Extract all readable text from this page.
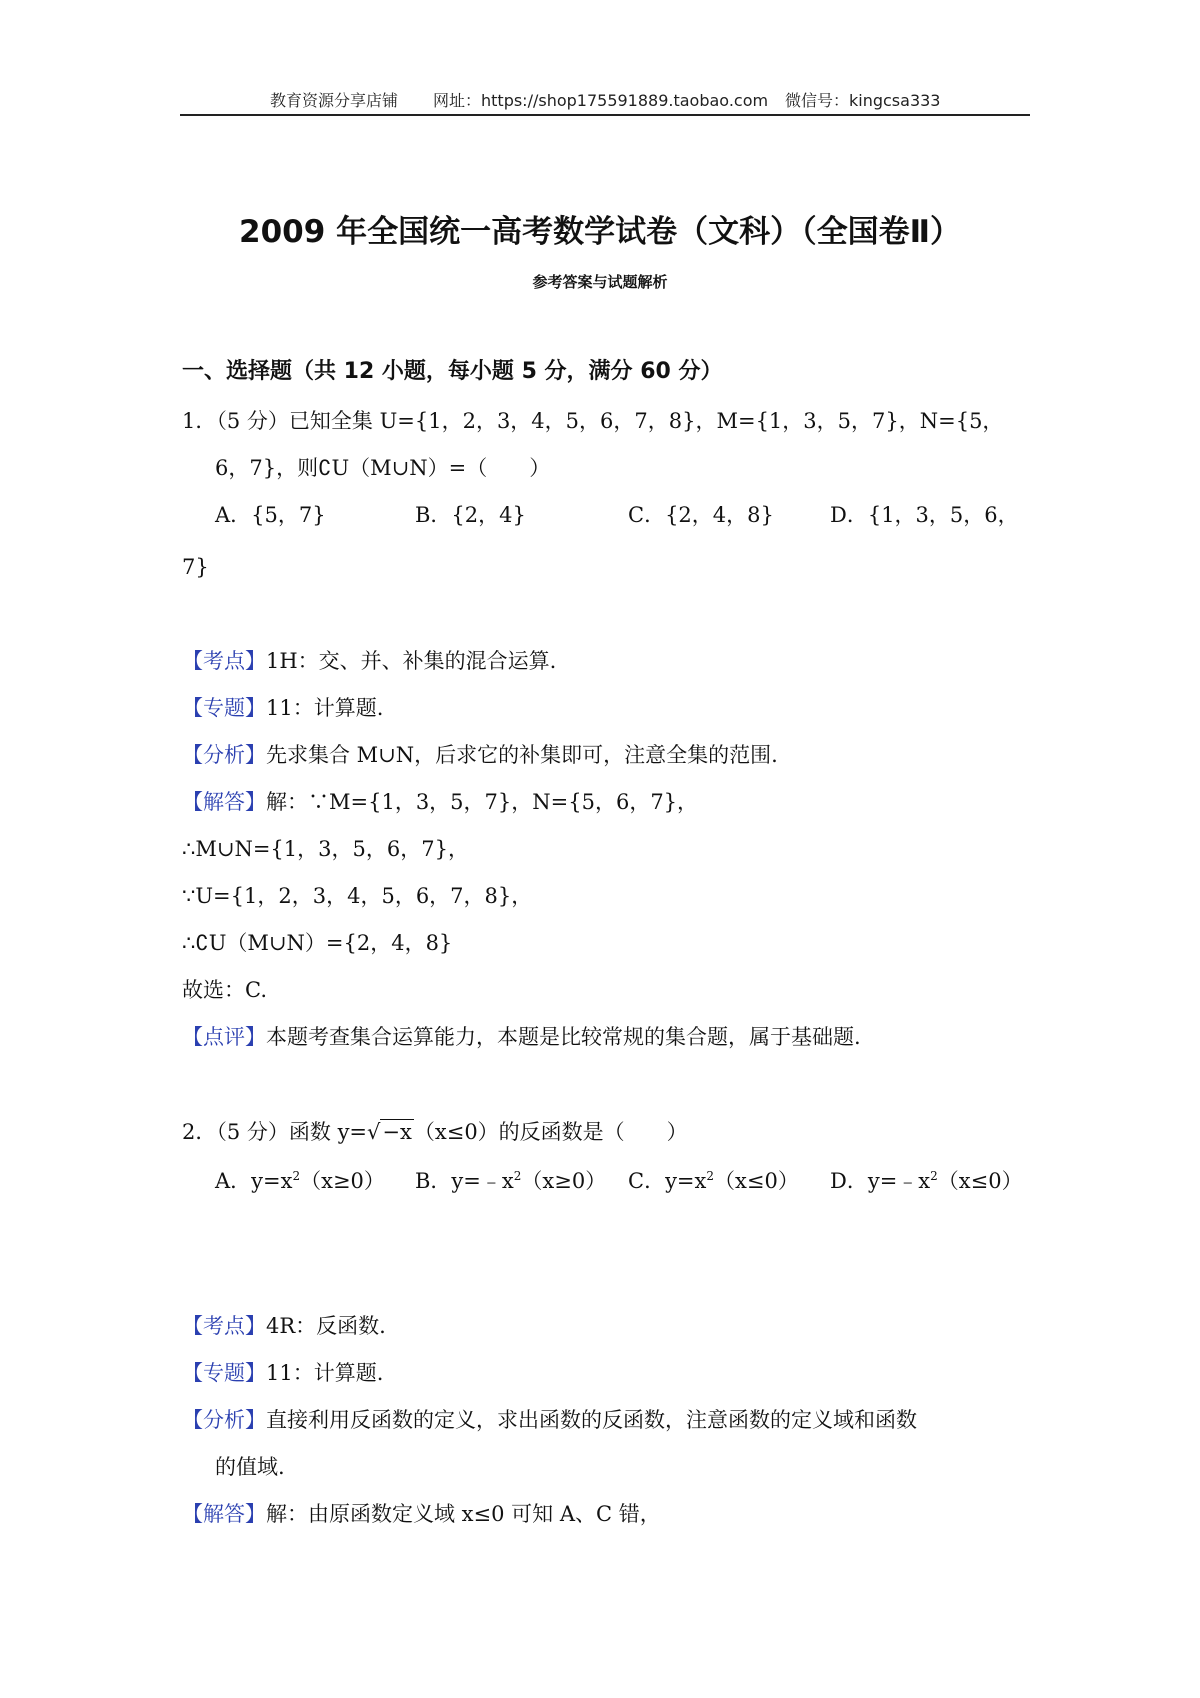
教育资源分享店铺 网址：https://shop175591889.taobao.com 微信号：kingcsa333
2009 年全国统一高考数学试卷（文科）（全国卷Ⅱ）
参考答案与试题解析
一、选择题（共 12 小题，每小题 5 分，满分 60 分）
1．（5 分）已知全集 U={1，2，3，4，5，6，7，8}，M={1，3，5，7}，N={5，
6，7}，则∁U（M∪N）=（　　）
A．{5，7}	B．{2，4}	C．{2，4，8}	D．{1，3，5，6，
7}
【考点】1H：交、并、补集的混合运算.
【专题】11：计算题.
【分析】先求集合 M∪N，后求它的补集即可，注意全集的范围.
【解答】解：∵M={1，3，5，7}，N={5，6，7}，
∴M∪N={1，3，5，6，7}，
∵U={1，2，3，4，5，6，7，8}，
∴∁U（M∪N）={2，4，8}
故选：C.
【点评】本题考查集合运算能力，本题是比较常规的集合题，属于基础题.
2．（5 分）函数 y=√−x（x≤0）的反函数是（　　）
A．$y=x^2(x\ge 0)$ B．$y=﹣x^2(x\ge 0)$ C．$y=x^2(x\le 0)$ D．$y=﹣x^2(x\le 0)$
【考点】4R：反函数.
【专题】11：计算题.
【分析】直接利用反函数的定义，求出函数的反函数，注意函数的定义域和函数
的值域.
【解答】解：由原函数定义域 x≤0 可知 A、C 错，
